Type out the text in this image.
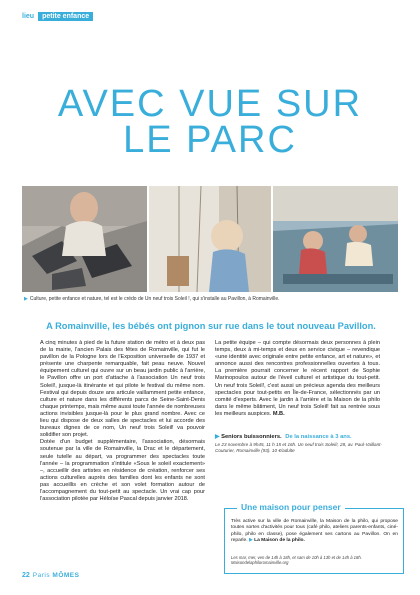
lieu	petite enfance
AVEC VUE SUR
LE PARC
▶ Culture, petite enfance et nature, tel est le crédo de Un neuf trois Soleil !, qui s'installe au Pavillon, à Romainville.
A Romainville, les bébés ont pignon sur rue dans le tout nouveau Pavillon.

A cinq minutes à pied de la future station de métro et à deux pas de la mairie, l'ancien Palais des fêtes de Romainville, qui fut le pavillon de la Pologne lors de l'Exposition universelle de 1937 et présente une charpente remarquable, fait peau neuve. Nouvel équipement culturel qui ouvre sur un beau jardin public à l'arrière, le Pavillon offre un port d'attache à l'association Un neuf trois Soleil!, jusque-là itinérante et qui pilote le festival du même nom. Festival qui depuis douze ans articule vaillamment petite enfance, culture et nature dans les différents parcs de Seine-Saint-Denis chaque printemps, mais même aussi toute l'année de nombreuses actions invisibles jusque-là pour le plus grand nombre. Avec ce lieu qui dispose de deux salles de spectacles et lui accorde des bureaux dignes de ce nom, Un neuf trois Soleil! va pouvoir solidifier son projet.

Dotée d'un budget supplémentaire, l'association, désormais soutenue par la ville de Romainville, la Drac et le département, seule tutelle au départ, va programmer des spectacles toute l'année – la programmation s'intitule «Sous le soleil exactement» –, accueillir des artistes en résidence de création, renforcer ses actions culturelles auprès des familles dont les enfants ne sont pas accueillis en crèche et son volet formation autour de l'accompagnement du tout-petit au spectacle. Un vrai cap pour l'association pilotée par Héloïse Pascal depuis janvier 2018.

La petite équipe – qui compte désormais deux personnes à plein temps, deux à mi-temps et deux en service civique – revendique «une identité avec originale entre petite enfance, art et nature», et annonce aussi des rencontres professionnelles ouvertes à tous. La première pourrait concerner le récent rapport de Sophie Marinopoulos autour de l'éveil culturel et artistique du tout-petit. Un neuf trois Soleil!, c'est aussi un précieux agenda des meilleurs spectacles pour tout-petits en Île-de-France, sélectionnés par un comité d'experts. Avec le jardin à l'arrière et la Maison de la philo dans le même bâtiment, Un neuf trois Soleil! fait sa rentrée sous les meilleurs auspices. M.B.

▶ Seniors buissonniers. De la naissance à 3 ans.
Le 23 novembre à 9h45, 11 h 15 et 16h. Un neuf trois Soleil!, 28, av. Paul-Vaillant-Couturier, Romainville (93). 10 €/adulte
Une maison pour penser
Très active sur la ville de Romainville, la Maison de la philo, qui propose toutes sortes d'activités pour tous (café philo, ateliers parents-enfants, ciné-philo, philo en classe), pose également ses cartons au Pavillon. On en reparle. ▶ La Maison de la philo.
Les mar, mer, ven de 14h à 18h, et sam de 10h à 13h et de 14h à 18h. Maisondelaphiloromainville.org
22 Paris MÔMES
